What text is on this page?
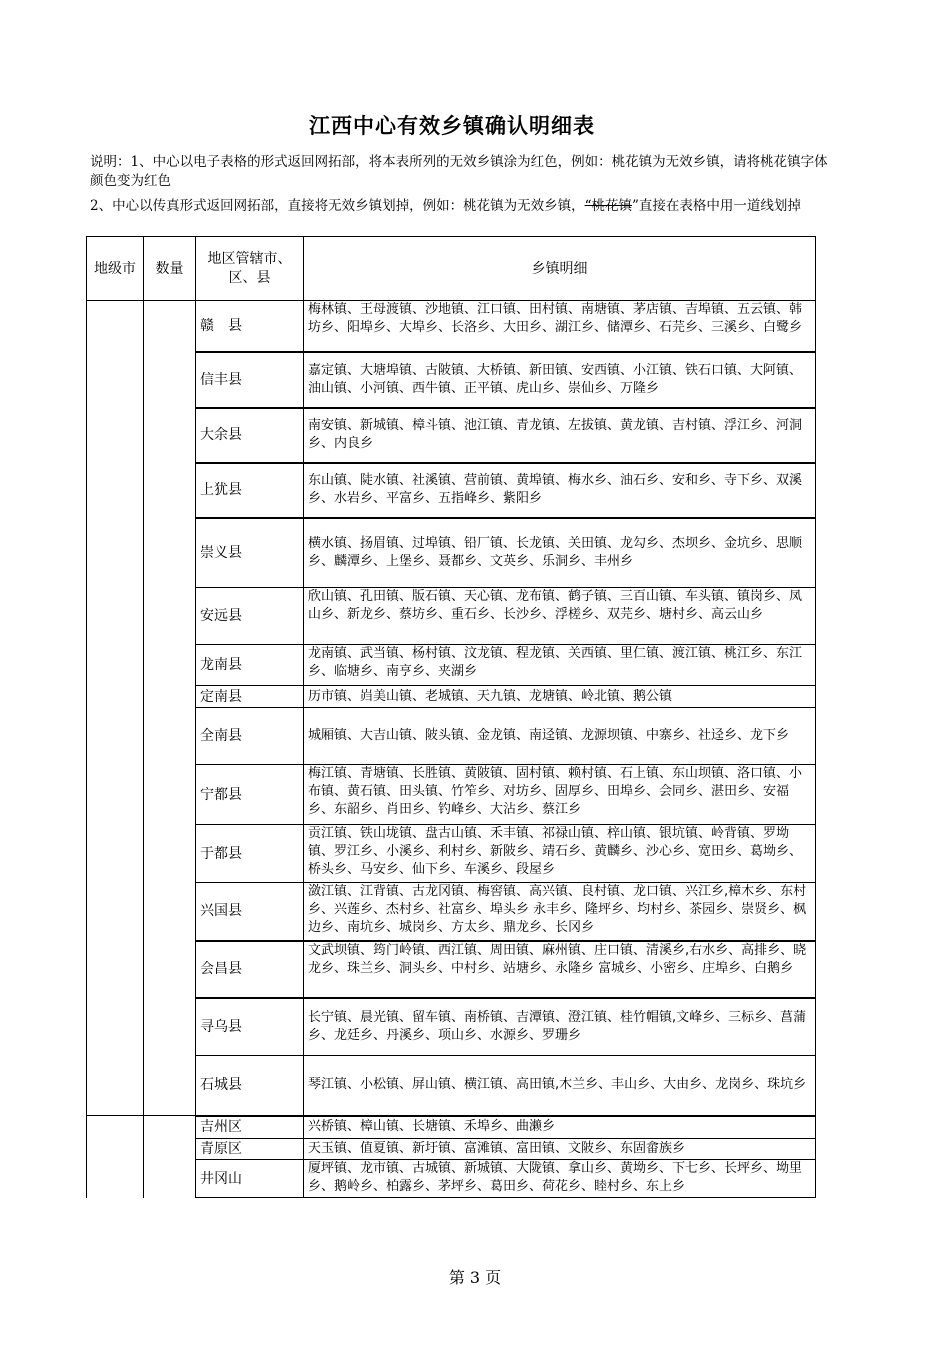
江西中心有效乡镇确认明细表
说明：1、中心以电子表格的形式返回网拓部，将本表所列的无效乡镇涂为红色，例如：桃花镇为无效乡镇，请将桃花镇字体颜色变为红色
2、中心以传真形式返回网拓部，直接将无效乡镇划掉，例如：桃花镇为无效乡镇，“桃花镇”直接在表格中用一道线划掉
地级市	数量	地区管辖市、区、县	乡镇明细
		赣　县	梅林镇、王母渡镇、沙地镇、江口镇、田村镇、南塘镇、茅店镇、吉埠镇、五云镇、韩坊乡、阳埠乡、大埠乡、长洛乡、大田乡、湖江乡、储潭乡、石芫乡、三溪乡、白鹭乡

		信丰县	嘉定镇、大塘埠镇、古陂镇、大桥镇、新田镇、安西镇、小江镇、铁石口镇、大阿镇、油山镇、小河镇、西牛镇、正平镇、虎山乡、崇仙乡、万隆乡

		大余县	南安镇、新城镇、樟斗镇、池江镇、青龙镇、左拔镇、黄龙镇、吉村镇、浮江乡、河洞乡、内良乡

		上犹县	东山镇、陡水镇、社溪镇、营前镇、黄埠镇、梅水乡、油石乡、安和乡、寺下乡、双溪乡、水岩乡、平富乡、五指峰乡、紫阳乡

		崇义县	横水镇、扬眉镇、过埠镇、铅厂镇、长龙镇、关田镇、龙勾乡、杰坝乡、金坑乡、思顺乡、麟潭乡、上堡乡、聂都乡、文英乡、乐洞乡、丰州乡

		安远县	欣山镇、孔田镇、版石镇、天心镇、龙布镇、鹤子镇、三百山镇、车头镇、镇岗乡、凤山乡、新龙乡、蔡坊乡、重石乡、长沙乡、浮槎乡、双芫乡、塘村乡、高云山乡

		龙南县	龙南镇、武当镇、杨村镇、汶龙镇、程龙镇、关西镇、里仁镇、渡江镇、桃江乡、东江乡、临塘乡、南亨乡、夹湖乡

		定南县	历市镇、岿美山镇、老城镇、天九镇、龙塘镇、岭北镇、鹅公镇

		全南县	城厢镇、大吉山镇、陂头镇、金龙镇、南迳镇、龙源坝镇、中寨乡、社迳乡、龙下乡

		宁都县	梅江镇、青塘镇、长胜镇、黄陂镇、固村镇、赖村镇、石上镇、东山坝镇、洛口镇、小布镇、黄石镇、田头镇、竹笮乡、对坊乡、固厚乡、田埠乡、会同乡、湛田乡、安福乡、东韶乡、肖田乡、钓峰乡、大沾乡、蔡江乡

		于都县	贡江镇、铁山垅镇、盘古山镇、禾丰镇、祁禄山镇、梓山镇、银坑镇、岭背镇、罗坳镇、罗江乡、小溪乡、利村乡、新陂乡、靖石乡、黄麟乡、沙心乡、宽田乡、葛坳乡、桥头乡、马安乡、仙下乡、车溪乡、段屋乡

		兴国县	潋江镇、江背镇、古龙冈镇、梅窖镇、高兴镇、良村镇、龙口镇、兴江乡,樟木乡、东村乡、兴莲乡、杰村乡、社富乡、埠头乡 永丰乡、隆坪乡、均村乡、茶园乡、崇贤乡、枫边乡、南坑乡、城岗乡、方太乡、鼎龙乡、长冈乡

		会昌县	文武坝镇、筠门岭镇、西江镇、周田镇、麻州镇、庄口镇、清溪乡,右水乡、高排乡、晓龙乡、珠兰乡、洞头乡、中村乡、站塘乡、永隆乡 富城乡、小密乡、庄埠乡、白鹅乡

		寻乌县	长宁镇、晨光镇、留车镇、南桥镇、吉潭镇、澄江镇、桂竹帽镇,文峰乡、三标乡、菖蒲乡、龙廷乡、丹溪乡、项山乡、水源乡、罗珊乡

		石城县	琴江镇、小松镇、屏山镇、横江镇、高田镇,木兰乡、丰山乡、大由乡、龙岗乡、珠坑乡

		吉州区	兴桥镇、樟山镇、长塘镇、禾埠乡、曲濑乡

		青原区	天玉镇、值夏镇、新圩镇、富滩镇、富田镇、文陂乡、东固畲族乡

		井冈山	厦坪镇、龙市镇、古城镇、新城镇、大陇镇、拿山乡、黄坳乡、下七乡、长坪乡、坳里乡、鹅岭乡、柏露乡、茅坪乡、葛田乡、荷花乡、睦村乡、东上乡
第 3 页
